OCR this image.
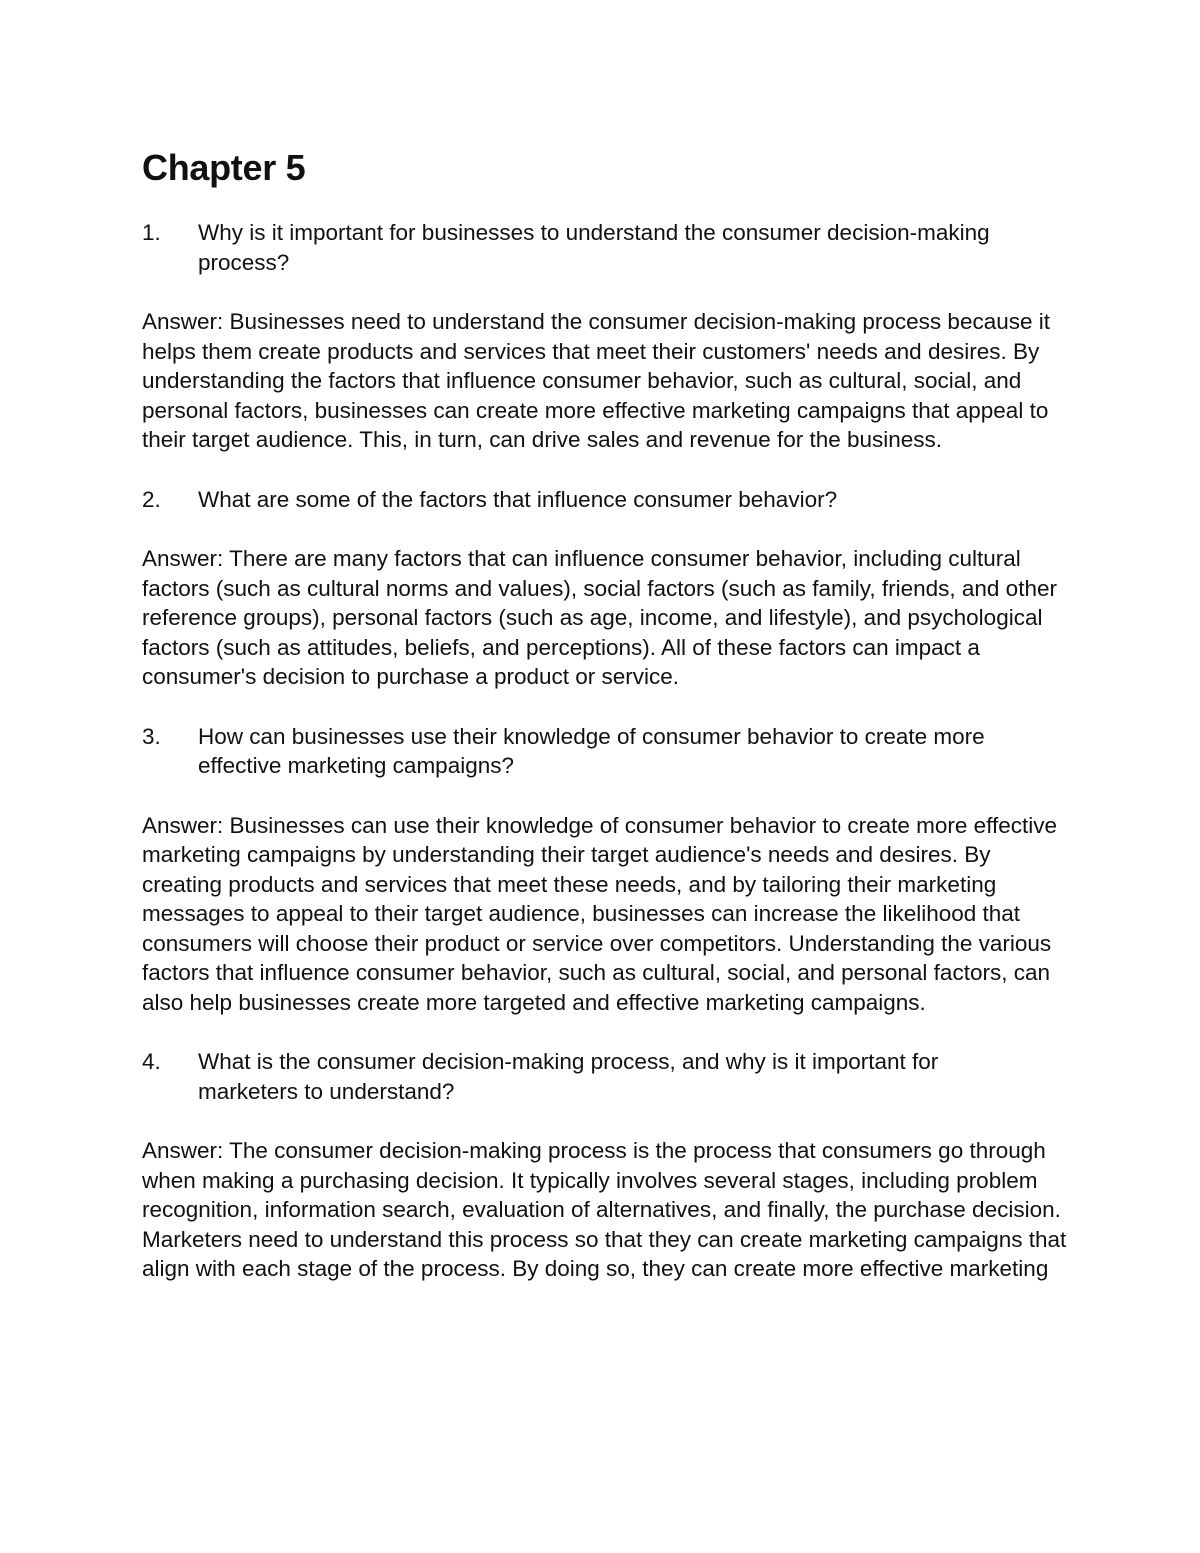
Chapter 5
1.	Why is it important for businesses to understand the consumer decision-making process?

Answer: Businesses need to understand the consumer decision-making process because it helps them create products and services that meet their customers' needs and desires. By understanding the factors that influence consumer behavior, such as cultural, social, and personal factors, businesses can create more effective marketing campaigns that appeal to their target audience. This, in turn, can drive sales and revenue for the business.

2.	What are some of the factors that influence consumer behavior?

Answer: There are many factors that can influence consumer behavior, including cultural factors (such as cultural norms and values), social factors (such as family, friends, and other reference groups), personal factors (such as age, income, and lifestyle), and psychological factors (such as attitudes, beliefs, and perceptions). All of these factors can impact a consumer's decision to purchase a product or service.

3.	How can businesses use their knowledge of consumer behavior to create more effective marketing campaigns?

Answer: Businesses can use their knowledge of consumer behavior to create more effective marketing campaigns by understanding their target audience's needs and desires. By creating products and services that meet these needs, and by tailoring their marketing messages to appeal to their target audience, businesses can increase the likelihood that consumers will choose their product or service over competitors. Understanding the various factors that influence consumer behavior, such as cultural, social, and personal factors, can also help businesses create more targeted and effective marketing campaigns.

4.	What is the consumer decision-making process, and why is it important for marketers to understand?

Answer: The consumer decision-making process is the process that consumers go through when making a purchasing decision. It typically involves several stages, including problem recognition, information search, evaluation of alternatives, and finally, the purchase decision. Marketers need to understand this process so that they can create marketing campaigns that align with each stage of the process. By doing so, they can create more effective marketing
